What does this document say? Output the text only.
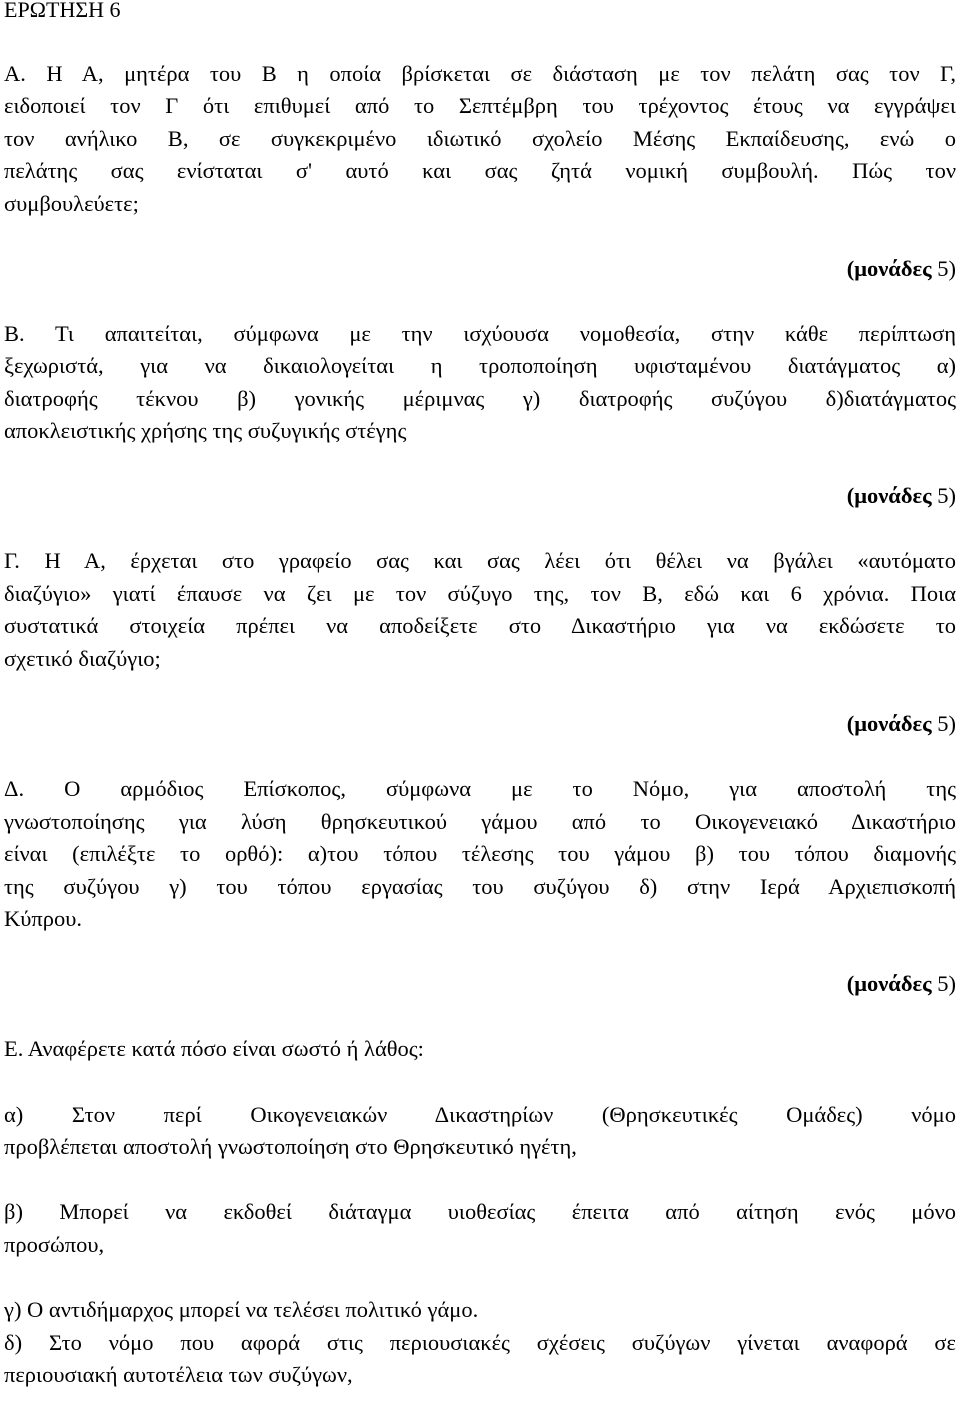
ΕΡΩΤΗΣΗ 6
Α. Η Α, μητέρα του Β η οποία βρίσκεται σε διάσταση με τον πελάτη σας τον Γ,
ειδοποιεί τον Γ ότι επιθυμεί από το Σεπτέμβρη του τρέχοντος έτους να εγγράψει
τον ανήλικο Β, σε συγκεκριμένο ιδιωτικό σχολείο Μέσης Εκπαίδευσης, ενώ ο
πελάτης σας ενίσταται σ' αυτό και σας ζητά νομική συμβουλή. Πώς τον
συμβουλεύετε;
(μονάδες 5)
Β. Τι απαιτείται, σύμφωνα με την ισχύουσα νομοθεσία, στην κάθε περίπτωση
ξεχωριστά, για να δικαιολογείται η τροποποίηση υφισταμένου διατάγματος α)
διατροφής τέκνου β) γονικής μέριμνας γ) διατροφής συζύγου δ)διατάγματος
αποκλειστικής χρήσης της συζυγικής στέγης
(μονάδες 5)
Γ. Η Α, έρχεται στο γραφείο σας και σας λέει ότι θέλει να βγάλει «αυτόματο
διαζύγιο» γιατί έπαυσε να ζει με τον σύζυγο της, τον Β, εδώ και 6 χρόνια. Ποια
συστατικά στοιχεία πρέπει να αποδείξετε στο Δικαστήριο για να εκδώσετε το
σχετικό διαζύγιο;
(μονάδες 5)
Δ. Ο αρμόδιος Επίσκοπος, σύμφωνα με το Νόμο, για αποστολή της
γνωστοποίησης για λύση θρησκευτικού γάμου από το Οικογενειακό Δικαστήριο
είναι (επιλέξτε το ορθό): α)του τόπου τέλεσης του γάμου β) του τόπου διαμονής
της συζύγου γ) του τόπου εργασίας του συζύγου δ) στην Ιερά Αρχιεπισκοπή
Κύπρου.
(μονάδες 5)
Ε. Αναφέρετε κατά πόσο είναι σωστό ή λάθος:
α) Στον περί Οικογενειακών Δικαστηρίων (Θρησκευτικές Ομάδες) νόμο
προβλέπεται αποστολή γνωστοποίηση στο Θρησκευτικό ηγέτη,
β) Μπορεί να εκδοθεί διάταγμα υιοθεσίας έπειτα από αίτηση ενός μόνο
προσώπου,
γ) Ο αντιδήμαρχος μπορεί να τελέσει πολιτικό γάμο.
δ) Στο νόμο που αφορά στις περιουσιακές σχέσεις συζύγων γίνεται αναφορά σε
περιουσιακή αυτοτέλεια των συζύγων,
